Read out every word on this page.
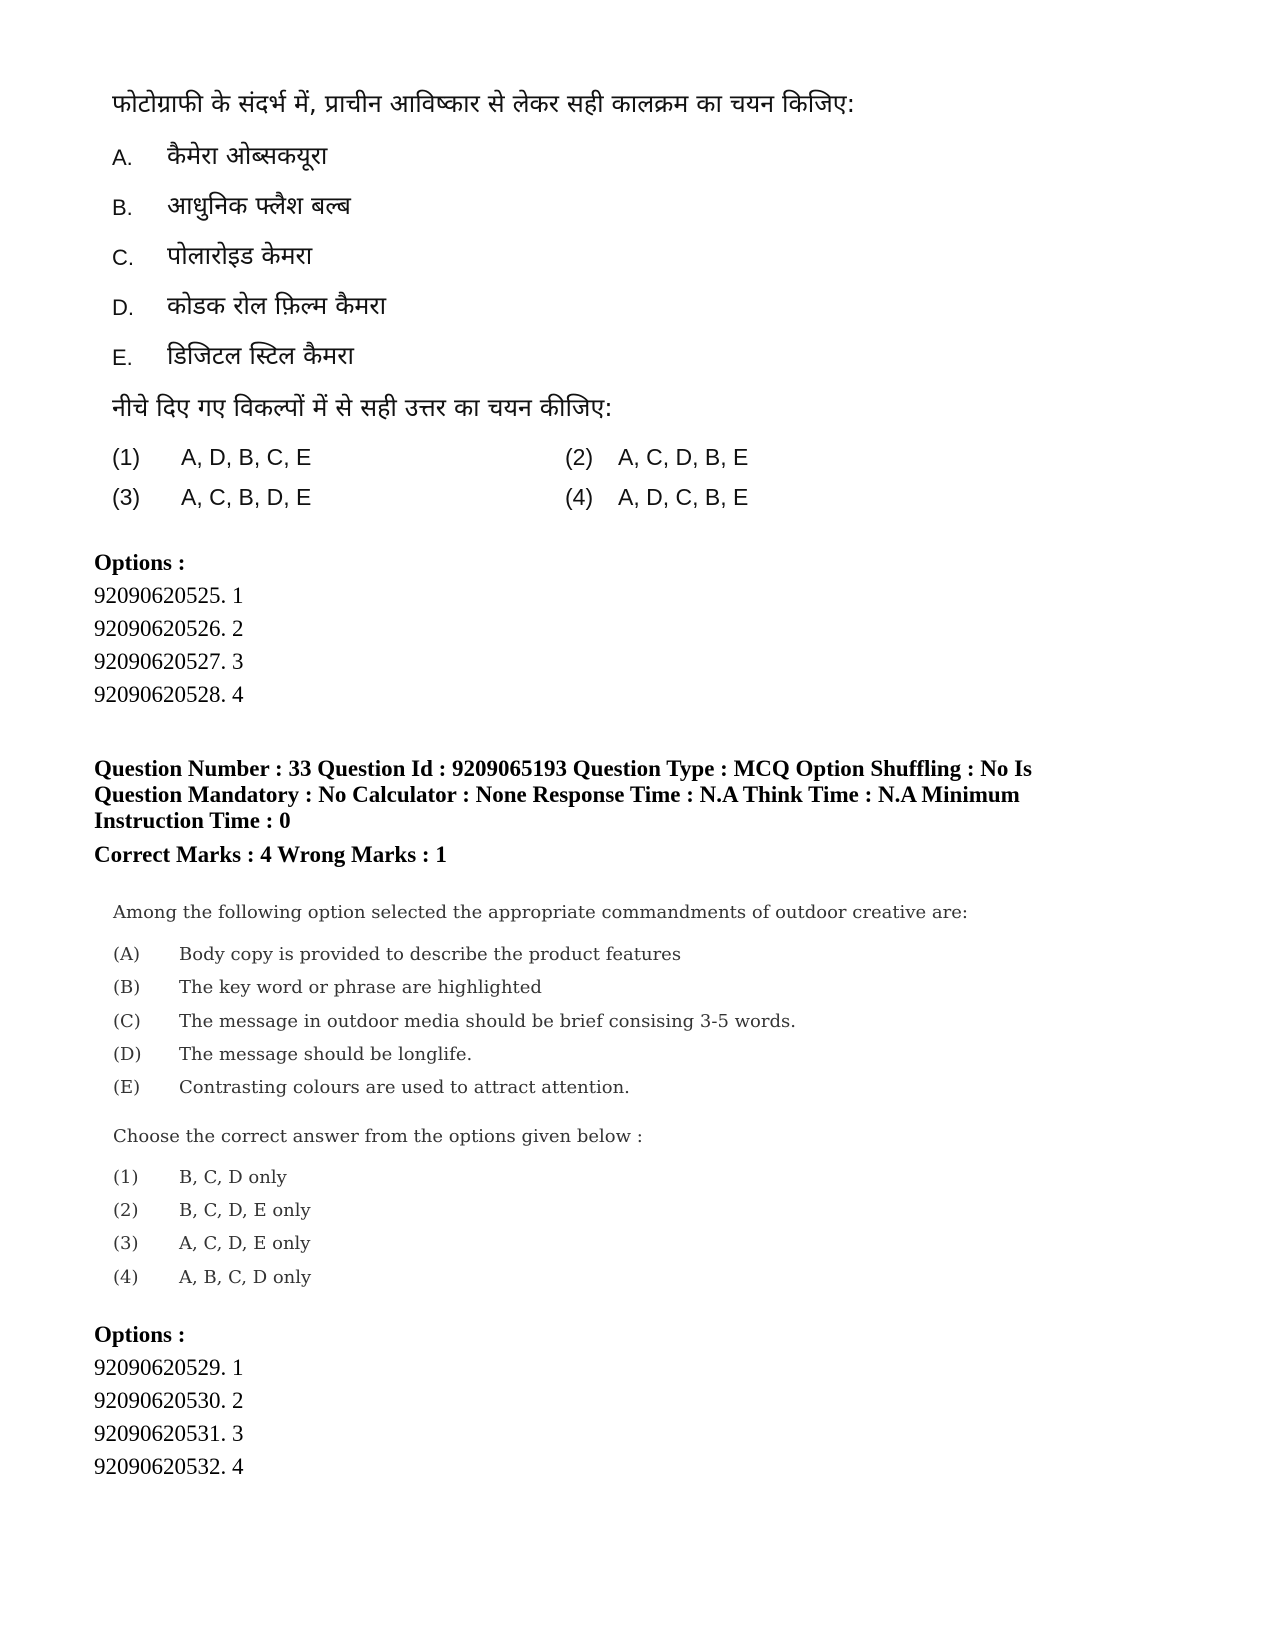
फोटोग्राफी के संदर्भ में, प्राचीन आविष्कार से लेकर सही कालक्रम का चयन किजिए:
A. कैमेरा ओब्सकयूरा
B. आधुनिक फ्लैश बल्ब
C. पोलारोइड केमरा
D. कोडक रोल फ़िल्म कैमरा
E. डिजिटल स्टिल कैमरा
नीचे दिए गए विकल्पों में से सही उत्तर का चयन कीजिए:
(1) A, D, B, C, E	(2) A, C, D, B, E
(3) A, C, B, D, E	(4) A, D, C, B, E
Options :
92090620525. 1
92090620526. 2
92090620527. 3
92090620528. 4
Question Number : 33 Question Id : 9209065193 Question Type : MCQ Option Shuffling : No Is
Question Mandatory : No Calculator : None Response Time : N.A Think Time : N.A Minimum
Instruction Time : 0
Correct Marks : 4 Wrong Marks : 1
Among the following option selected the appropriate commandments of outdoor creative are:
(A) Body copy is provided to describe the product features
(B) The key word or phrase are highlighted
(C) The message in outdoor media should be brief consising 3-5 words.
(D) The message should be longlife.
(E) Contrasting colours are used to attract attention.
Choose the correct answer from the options given below :
(1) B, C, D only
(2) B, C, D, E only
(3) A, C, D, E only
(4) A, B, C, D only
Options :
92090620529. 1
92090620530. 2
92090620531. 3
92090620532. 4
